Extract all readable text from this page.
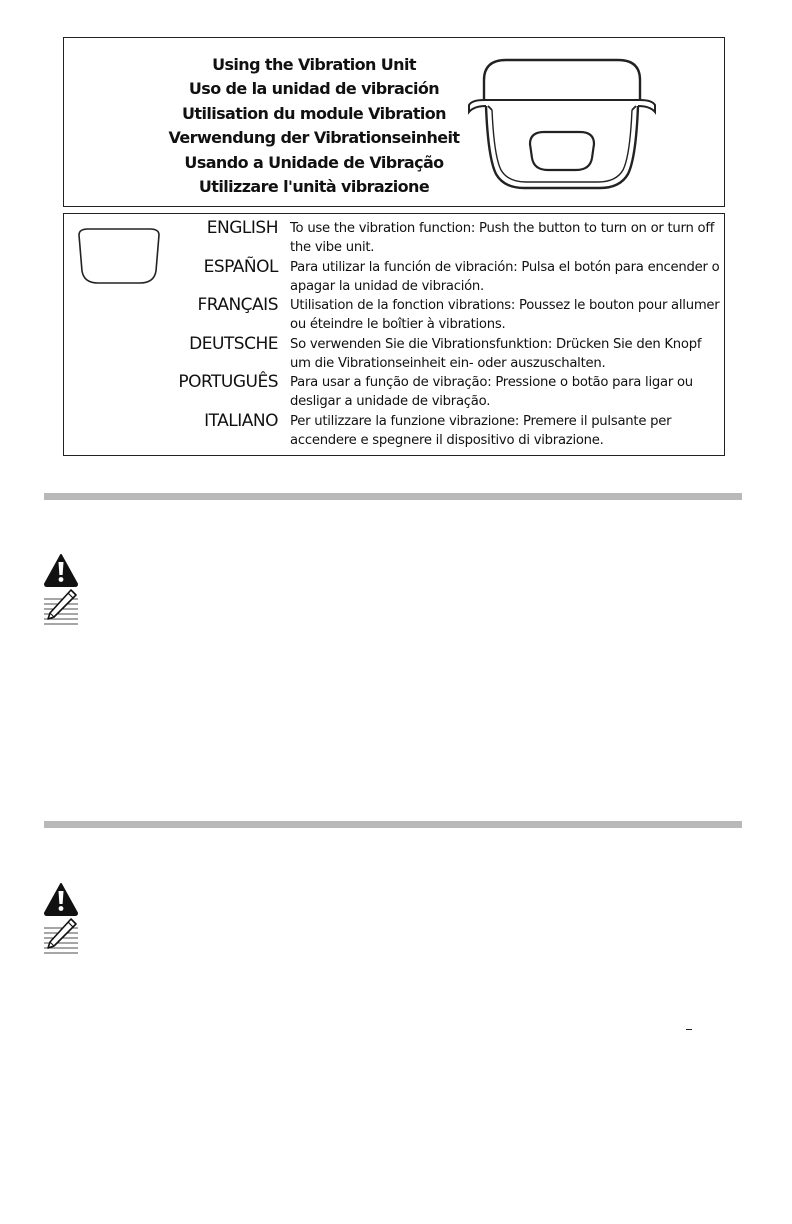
Using the Vibration Unit
Uso de la unidad de vibración
Utilisation du module Vibration
Verwendung der Vibrationseinheit
Usando a Unidade de Vibração
Utilizzare l'unità vibrazione
ENGLISH To use the vibration function: Push the button to turn on or turn off the vibe unit.
ESPAÑOL Para utilizar la función de vibración: Pulsa el botón para encender o apagar la unidad de vibración.
FRANÇAIS Utilisation de la fonction vibrations: Poussez le bouton pour allumer ou éteindre le boîtier à vibrations.
DEUTSCHE So verwenden Sie die Vibrationsfunktion: Drücken Sie den Knopf um die Vibrationseinheit ein- oder auszuschalten.
PORTUGUÊS Para usar a função de vibração: Pressione o botão para ligar ou desligar a unidade de vibração.
ITALIANO Per utilizzare la funzione vibrazione: Premere il pulsante per accendere e spegnere il dispositivo di vibrazione.
